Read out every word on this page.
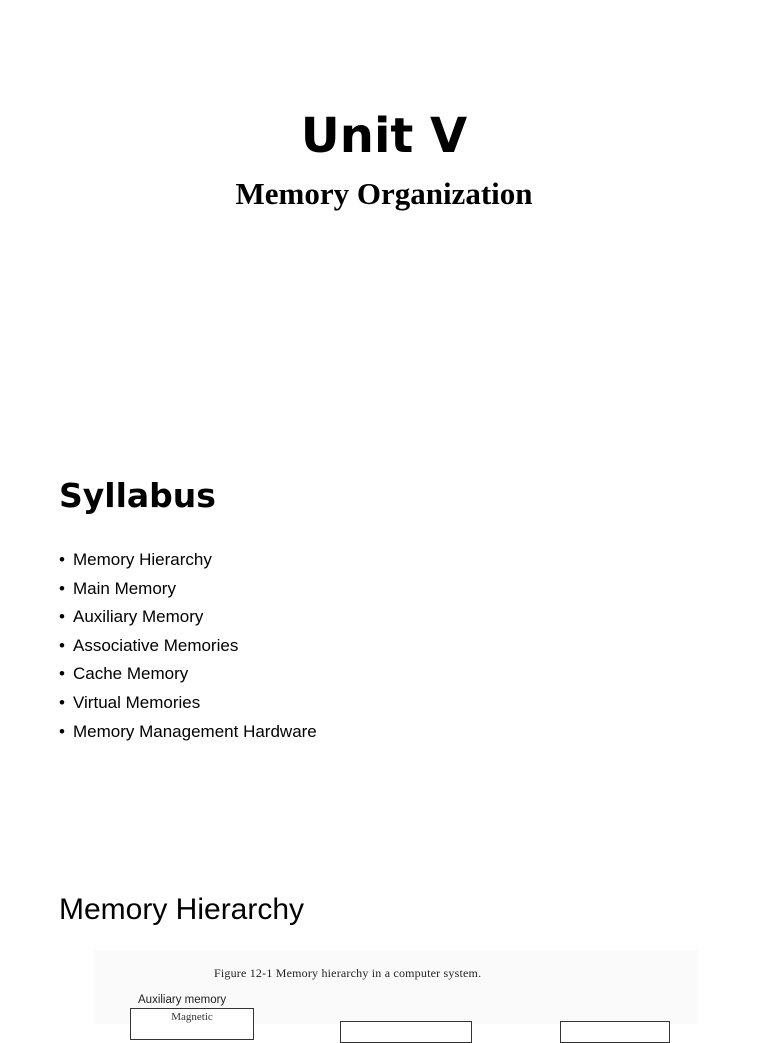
Unit V
Memory Organization
Syllabus
• Memory Hierarchy
• Main Memory
• Auxiliary Memory
• Associative Memories
• Cache Memory
• Virtual Memories
• Memory Management Hardware
Memory Hierarchy
Figure 12-1 Memory hierarchy in a computer system.
Auxiliary memory
Magnetic
